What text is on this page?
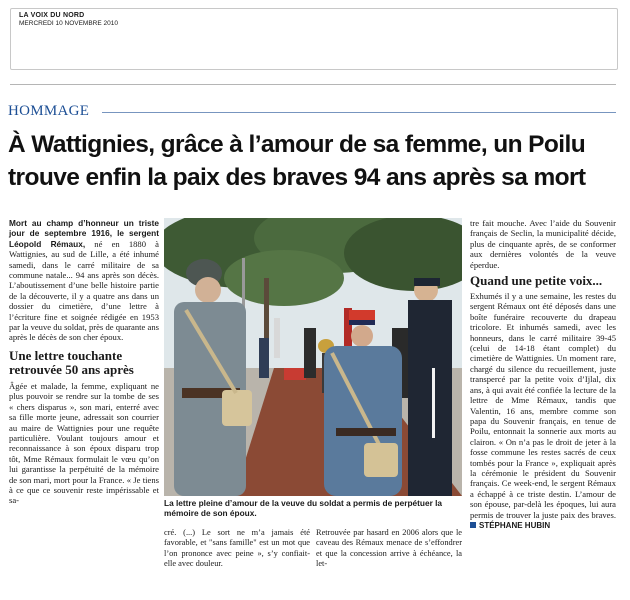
LA VOIX DU NORD
MERCREDI 10 NOVEMBRE 2010
HOMMAGE
À Wattignies, grâce à l’amour de sa femme, un Poilu trouve enfin la paix des braves 94 ans après sa mort

Mort au champ d’honneur un triste jour de septembre 1916, le sergent Léopold Rémaux, né en 1880 à Wattignies, au sud de Lille, a été inhumé samedi, dans le carré militaire de sa commune natale... 94 ans après son décès. L’aboutissement d’une belle histoire partie de la découverte, il y a quatre ans dans un dossier du cimetière, d’une lettre à l’écriture fine et soignée rédigée en 1953 par la veuve du soldat, près de quarante ans après le décès de son cher époux.

Une lettre touchante retrouvée 50 ans après

Âgée et malade, la femme, expliquant ne plus pouvoir se rendre sur la tombe de ses « chers disparus », son mari, enterré avec sa fille morte jeune, adressait son courrier au maire de Wattignies pour une requête particulière. Voulant toujours amour et reconnaissance à son époux disparu trop tôt, Mme Rémaux formulait le vœu qu’on lui garantisse la perpétuité de la mémoire de son mari, mort pour la France. « Je tiens à ce que ce souvenir reste impérissable et sa-	La lettre pleine d’amour de la veuve du soldat a permis de perpétuer la mémoire de son époux.

cré. (...) Le sort ne m’a jamais été favorable, et "sans famille" est un mot que l’on prononce avec peine », s’y confiait-elle avec douleur.

Retrouvée par hasard en 2006 alors que le caveau des Rémaux menace de s’effondrer et que la concession arrive à échéance, la let-

tre fait mouche. Avec l’aide du Souvenir français de Seclin, la municipalité décide, plus de cinquante après, de se conformer aux dernières volontés de la veuve éperdue.

Quand une petite voix...

Exhumés il y a une semaine, les restes du sergent Rémaux ont été déposés dans une boîte funéraire recouverte du drapeau tricolore. Et inhumés samedi, avec les honneurs, dans le carré militaire 39-45 (celui de 14-18 étant complet) du cimetière de Wattignies. Un moment rare, chargé du silence du recueillement, juste transpercé par la petite voix d’Ijlal, dix ans, à qui avait été confiée la lecture de la lettre de Mme Rémaux, tandis que Valentin, 16 ans, membre comme son papa du Souvenir français, en tenue de Poilu, entonnait la sonnerie aux morts au clairon. « On n’a pas le droit de jeter à la fosse commune les restes sacrés de ceux tombés pour la France », expliquait après la cérémonie le président du Souvenir français. Ce week-end, le sergent Rémaux a échappé à ce triste destin. L’amour de son épouse, par-delà les époques, lui aura permis de trouver la juste paix des braves. STÉPHANE HUBIN
